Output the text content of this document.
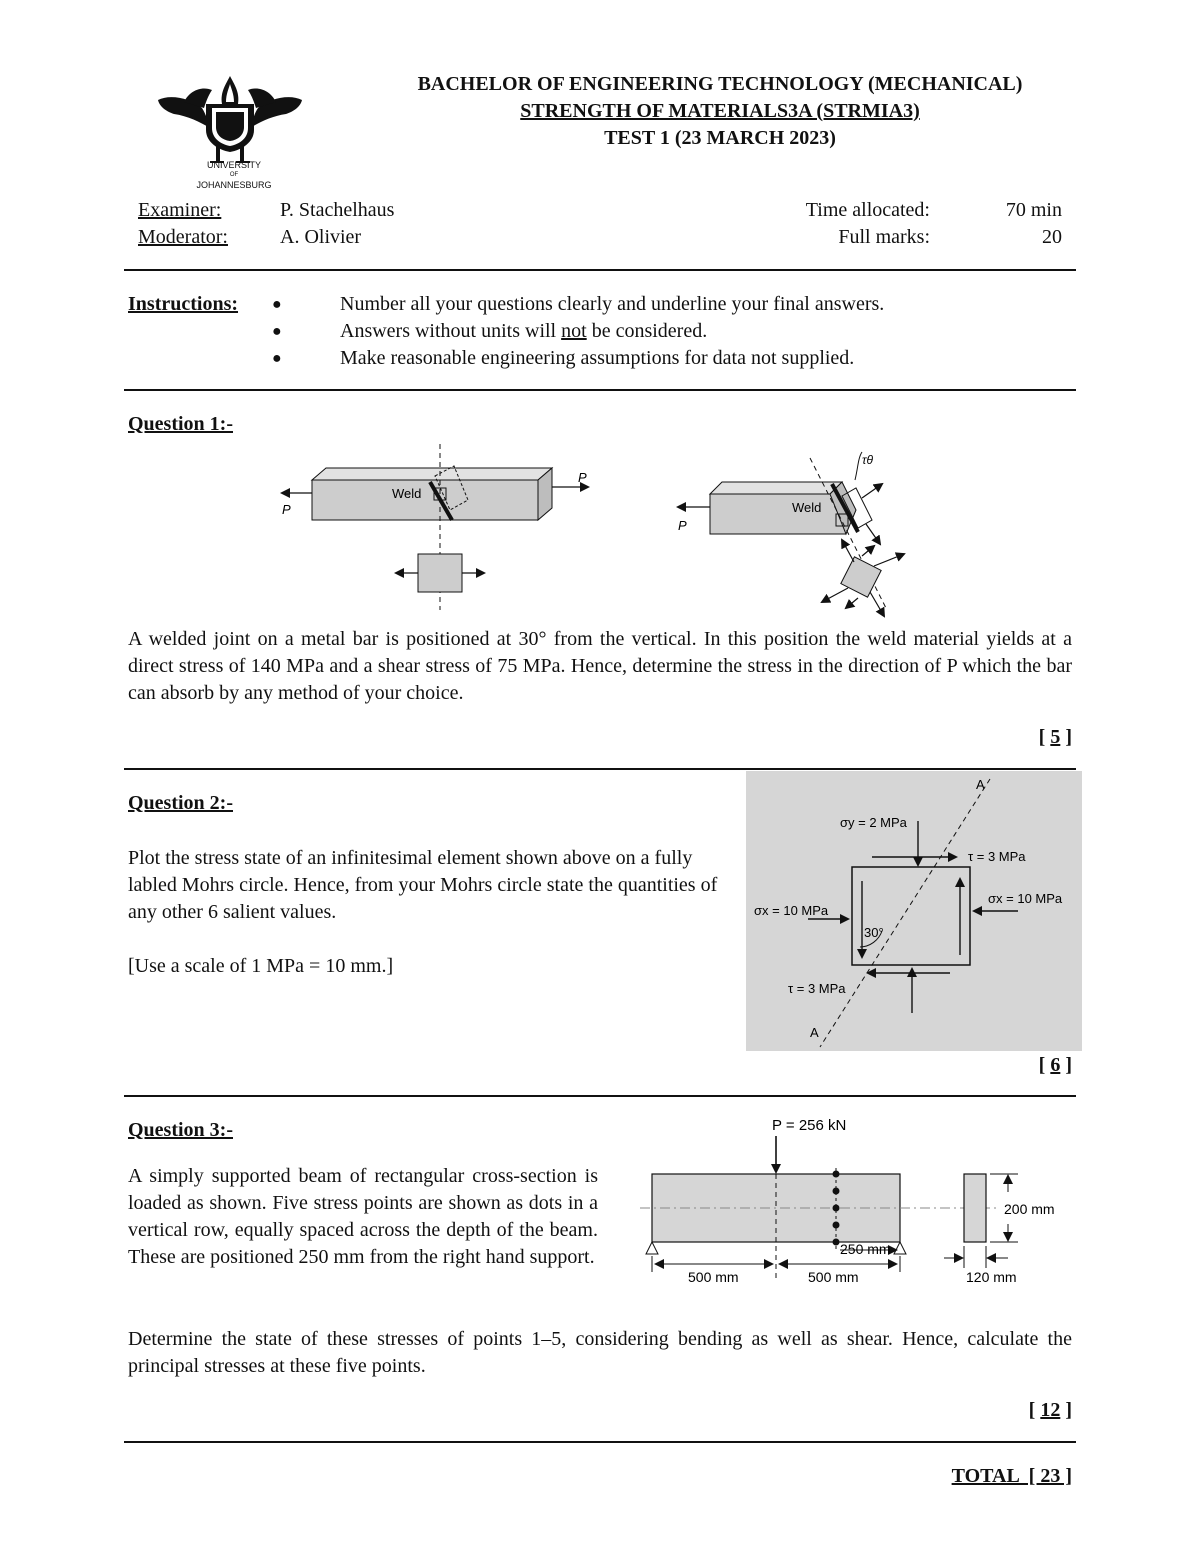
UNIVERSITY
OF
JOHANNESBURG
BACHELOR OF ENGINEERING TECHNOLOGY (MECHANICAL)
STRENGTH OF MATERIALS3A (STRMIA3)
TEST 1 (23 MARCH 2023)
Examiner:	P. Stachelhaus
Moderator:	A. Olivier
Time allocated:	70 min
Full marks:	20
Instructions: ●
●
●
Number all your questions clearly and underline your final answers.
Answers without units will not be considered.
Make reasonable engineering assumptions for data not supplied.
Question 1:-
Weld
P
P
Weld
P
τθ
A welded joint on a metal bar is positioned at 30° from the vertical. In this position the weld material yields at a direct stress of 140 MPa and a shear stress of 75 MPa. Hence, determine the stress in the direction of P which the bar can absorb by any method of your choice.
[ 5 ]
Question 2:-
Plot the stress state of an infinitesimal element shown above on a fully labled Mohrs circle. Hence, from your Mohrs circle state the quantities of any other 6 salient values.
[Use a scale of 1 MPa = 10 mm.]
A
A
σy = 2 MPa
τ = 3 MPa
σx = 10 MPa
σx = 10 MPa
30°
τ = 3 MPa
[ 6 ]
Question 3:-
A simply supported beam of rectangular cross-section is loaded as shown. Five stress points are shown as dots in a vertical row, equally spaced across the depth of the beam. These are positioned 250 mm from the right hand support.
P = 256 kN
250 mm
500 mm	500 mm
200 mm
120 mm
Determine the state of these stresses of points 1–5, considering bending as well as shear. Hence, calculate the principal stresses at these five points.
[ 12 ]
TOTAL  [ 23 ]
